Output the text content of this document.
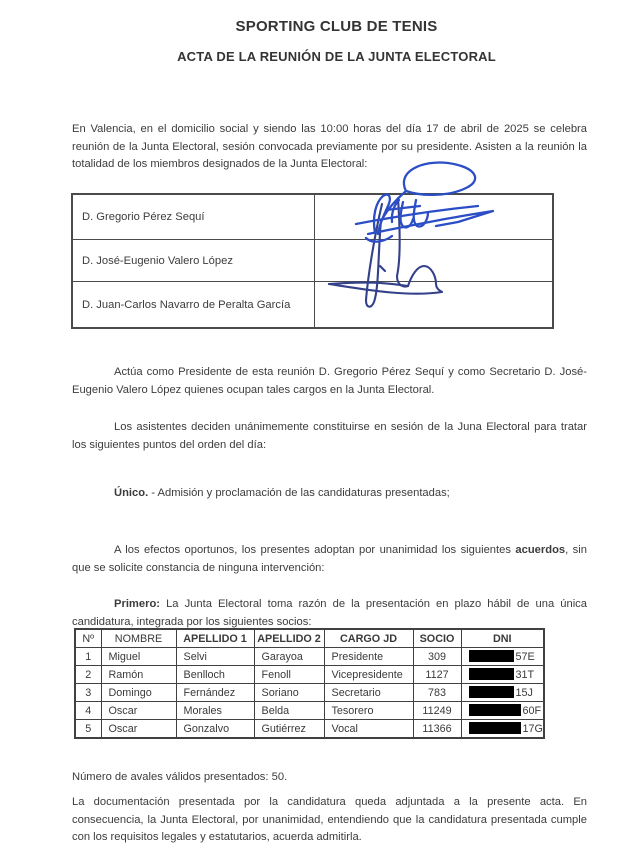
SPORTING CLUB DE TENIS
ACTA DE LA REUNIÓN DE LA JUNTA ELECTORAL

En Valencia, en el domicilio social y siendo las 10:00 horas del día 17 de abril de 2025 se celebra reunión de la Junta Electoral, sesión convocada previamente por su presidente. Asisten a la reunión la totalidad de los miembros designados de la Junta Electoral:

D. Gregorio Pérez Sequí	
D. José-Eugenio Valero López	
D. Juan-Carlos Navarro de Peralta García	

Actúa como Presidente de esta reunión D. Gregorio Pérez Sequí y como Secretario D. José-Eugenio Valero López quienes ocupan tales cargos en la Junta Electoral.

Los asistentes deciden unánimemente constituirse en sesión de la Juna Electoral para tratar los siguientes puntos del orden del día:

Único. - Admisión y proclamación de las candidaturas presentadas;

A los efectos oportunos, los presentes adoptan por unanimidad los siguientes acuerdos, sin que se solicite constancia de ninguna intervención:

Primero: La Junta Electoral toma razón de la presentación en plazo hábil de una única candidatura, integrada por los siguientes socios:

Nº	NOMBRE	APELLIDO 1	APELLIDO 2	CARGO JD	SOCIO	DNI
1	Miguel	Selvi	Garayoa	Presidente	309	57E
2	Ramón	Benlloch	Fenoll	Vicepresidente	1127	31T
3	Domingo	Fernández	Soriano	Secretario	783	15J
4	Oscar	Morales	Belda	Tesorero	11249	60F
5	Oscar	Gonzalvo	Gutiérrez	Vocal	11366	17G

Número de avales válidos presentados: 50.

La documentación presentada por la candidatura queda adjuntada a la presente acta. En consecuencia, la Junta Electoral, por unanimidad, entendiendo que la candidatura presentada cumple con los requisitos legales y estatutarios, acuerda admitirla.
